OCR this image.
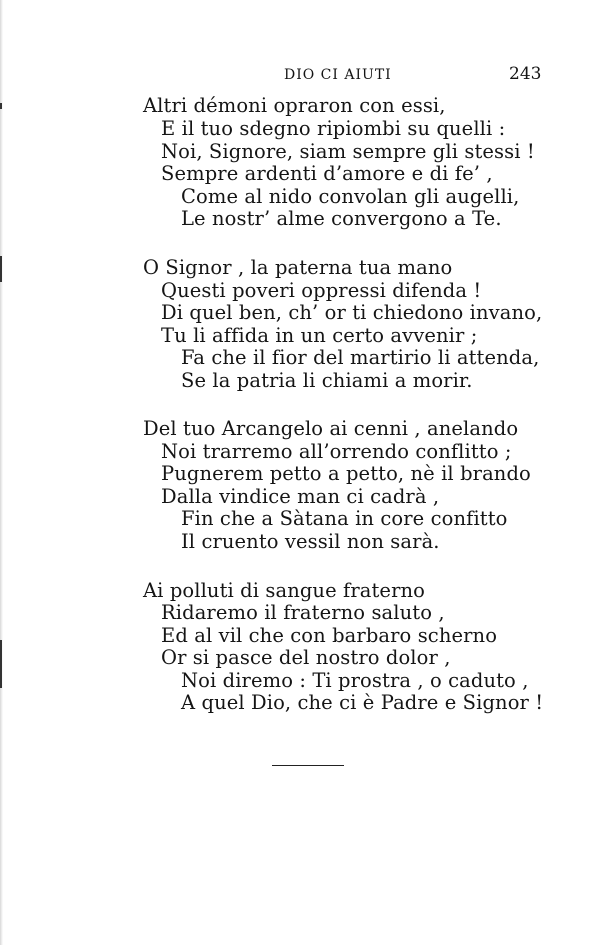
DIO CI AIUTI	243
Altri démoni opraron con essi,
E il tuo sdegno ripiombi su quelli :
Noi, Signore, siam sempre gli stessi !
Sempre ardenti d’amore e di fe’ ,
Come al nido convolan gli augelli,
Le nostr’ alme convergono a Te.
O Signor , la paterna tua mano
Questi poveri oppressi difenda !
Di quel ben, ch’ or ti chiedono invano,
Tu li affida in un certo avvenir ;
Fa che il fior del martirio li attenda,
Se la patria li chiami a morir.
Del tuo Arcangelo ai cenni , anelando
Noi trarremo all’orrendo conflitto ;
Pugnerem petto a petto, nè il brando
Dalla vindice man ci cadrà ,
Fin che a Sàtana in core confitto
Il cruento vessil non sarà.
Ai polluti di sangue fraterno
Ridaremo il fraterno saluto ,
Ed al vil che con barbaro scherno
Or si pasce del nostro dolor ,
Noi diremo : Ti prostra , o caduto ,
A quel Dio, che ci è Padre e Signor !
